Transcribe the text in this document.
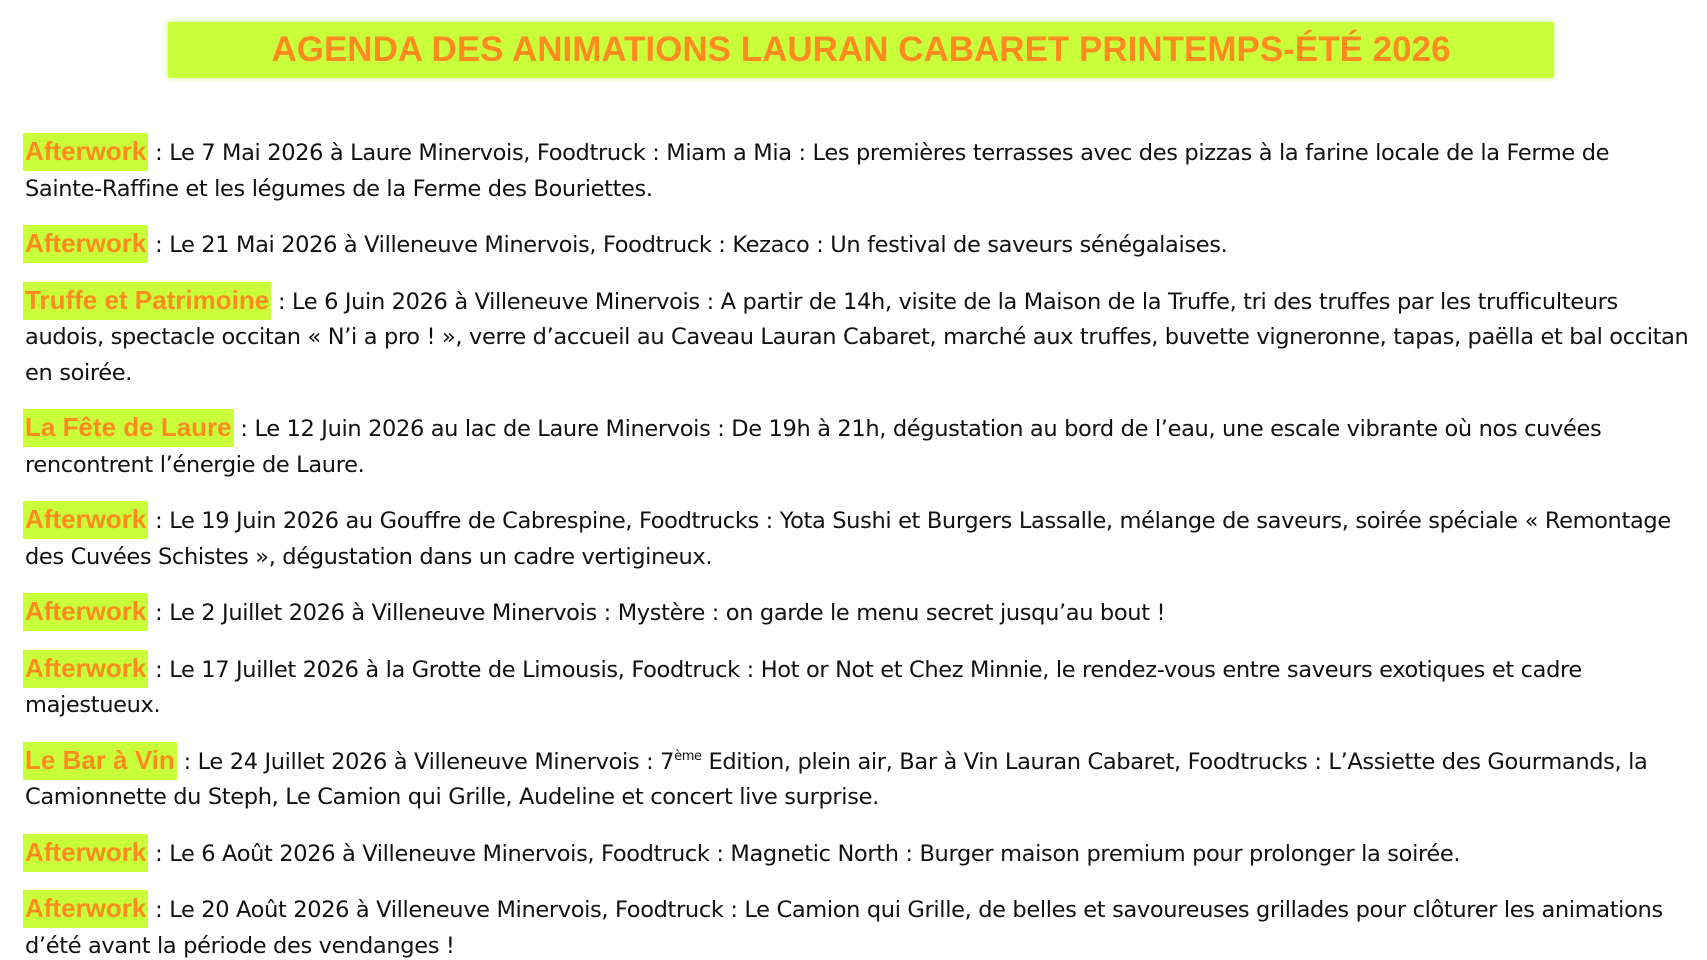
AGENDA DES ANIMATIONS LAURAN CABARET PRINTEMPS-ÉTÉ 2026

Afterwork : Le 7 Mai 2026 à Laure Minervois, Foodtruck : Miam a Mia : Les premières terrasses avec des pizzas à la farine locale de la Ferme de Sainte-Raffine et les légumes de la Ferme des Bouriettes.

Afterwork : Le 21 Mai 2026 à Villeneuve Minervois, Foodtruck : Kezaco : Un festival de saveurs sénégalaises.

Truffe et Patrimoine : Le 6 Juin 2026 à Villeneuve Minervois : A partir de 14h, visite de la Maison de la Truffe, tri des truffes par les trufficulteurs audois, spectacle occitan « N’i a pro ! », verre d’accueil au Caveau Lauran Cabaret, marché aux truffes, buvette vigneronne, tapas, paëlla et bal occitan en soirée.

La Fête de Laure : Le 12 Juin 2026 au lac de Laure Minervois : De 19h à 21h, dégustation au bord de l’eau, une escale vibrante où nos cuvées rencontrent l’énergie de Laure.

Afterwork : Le 19 Juin 2026 au Gouffre de Cabrespine, Foodtrucks : Yota Sushi et Burgers Lassalle, mélange de saveurs, soirée spéciale « Remontage des Cuvées Schistes », dégustation dans un cadre vertigineux.

Afterwork : Le 2 Juillet 2026 à Villeneuve Minervois : Mystère : on garde le menu secret jusqu’au bout !

Afterwork : Le 17 Juillet 2026 à la Grotte de Limousis, Foodtruck : Hot or Not et Chez Minnie, le rendez-vous entre saveurs exotiques et cadre majestueux.

Le Bar à Vin : Le 24 Juillet 2026 à Villeneuve Minervois : 7ème Edition, plein air, Bar à Vin Lauran Cabaret, Foodtrucks : L’Assiette des Gourmands, la Camionnette du Steph, Le Camion qui Grille, Audeline et concert live surprise.

Afterwork : Le 6 Août 2026 à Villeneuve Minervois, Foodtruck : Magnetic North : Burger maison premium pour prolonger la soirée.

Afterwork : Le 20 Août 2026 à Villeneuve Minervois, Foodtruck : Le Camion qui Grille, de belles et savoureuses grillades pour clôturer les animations d’été avant la période des vendanges !
